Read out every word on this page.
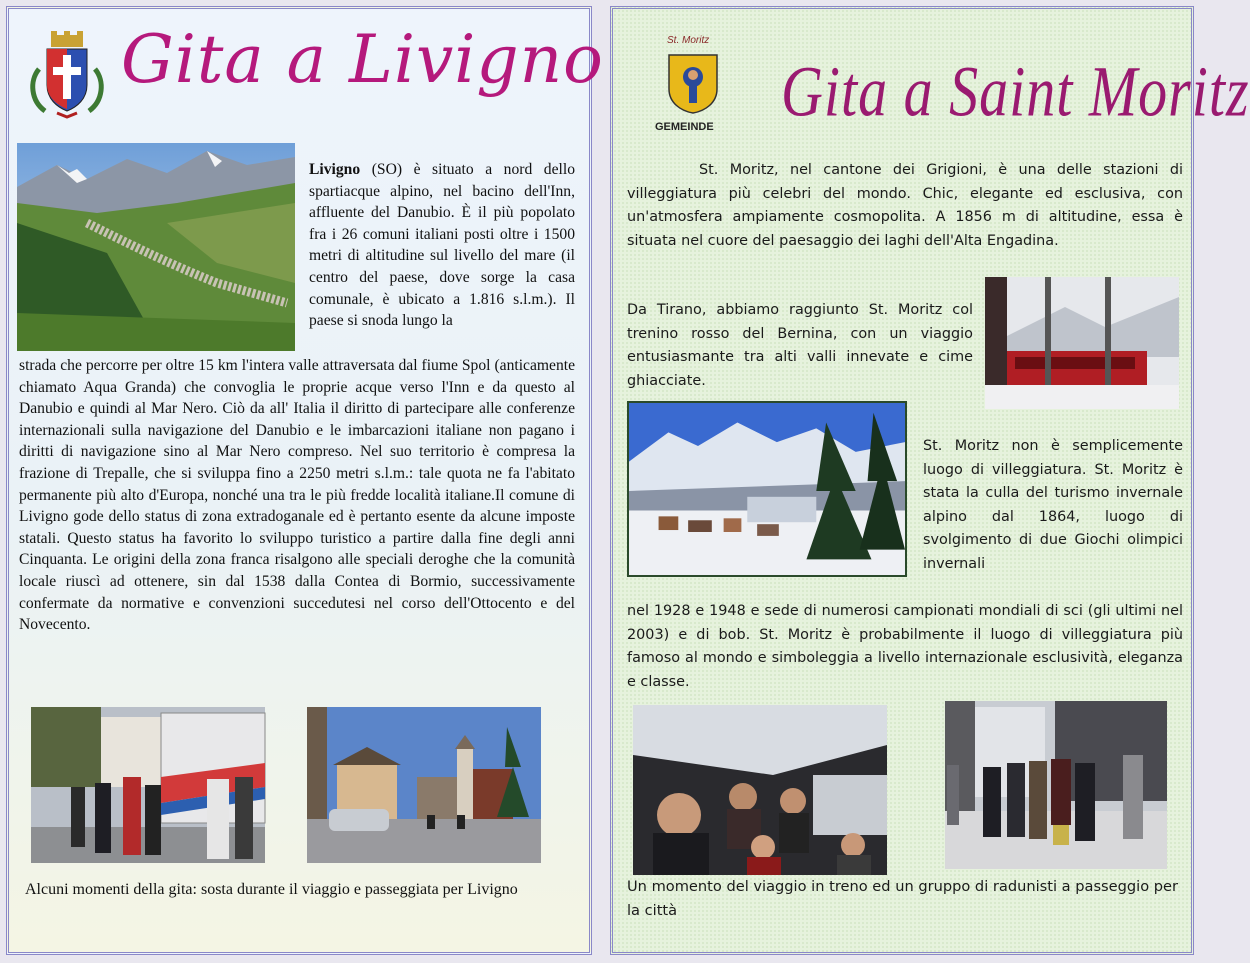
Gita a Livigno

Livigno (SO) è situato a nord dello spartiacque alpino, nel bacino dell'Inn, affluente del Danubio. È il più popolato fra i 26 comuni italiani posti oltre i 1500 metri di altitudine sul livello del mare (il centro del paese, dove sorge la casa comunale, è ubicato a 1.816 s.l.m.). Il paese si snoda lungo la

strada che percorre per oltre 15 km l'intera valle attraversata dal fiume Spol (anticamente chiamato Aqua Granda) che convoglia le proprie acque verso l'Inn e da questo al Danubio e quindi al Mar Nero. Ciò da all' Italia il diritto di partecipare alle conferenze internazionali sulla navigazione del Danubio e le imbarcazioni italiane non pagano i diritti di navigazione sino al Mar Nero compreso. Nel suo territorio è compresa la frazione di Trepalle, che si sviluppa fino a 2250 metri s.l.m.: tale quota ne fa l'abitato permanente più alto d'Europa, nonché una tra le più fredde località italiane.Il comune di Livigno gode dello status di zona extradoganale ed è pertanto esente da alcune imposte statali. Questo status ha favorito lo sviluppo turistico a partire dalla fine degli anni Cinquanta. Le origini della zona franca risalgono alle speciali deroghe che la comunità locale riuscì ad ottenere, sin dal 1538 dalla Contea di Bormio, successivamente confermate da normative e convenzioni succedutesi nel corso dell'Ottocento e del Novecento.

Alcuni momenti della gita: sosta durante il viaggio e passeggiata per Livigno
St. Moritz
GEMEINDE Gita a Saint Moritz

St. Moritz, nel cantone dei Grigioni, è una delle stazioni di villeggiatura più celebri del mondo. Chic, elegante ed esclusiva, con un'atmosfera ampiamente cosmopolita. A 1856 m di altitudine, essa è situata nel cuore del paesaggio dei laghi dell'Alta Engadina.

Da Tirano, abbiamo raggiunto St. Moritz col trenino rosso del Bernina, con un viaggio entusiasmante tra alti valli innevate e cime ghiacciate.

St. Moritz non è semplicemente luogo di villeggiatura. St. Moritz è stata la culla del turismo invernale alpino dal 1864, luogo di svolgimento di due Giochi olimpici invernali

nel 1928 e 1948 e sede di numerosi campionati mondiali di sci (gli ultimi nel 2003) e di bob. St. Moritz è probabilmente il luogo di villeggiatura più famoso al mondo e simboleggia a livello internazionale esclusività, eleganza e classe.

Un momento del viaggio in treno ed un gruppo di radunisti a passeggio per la città
